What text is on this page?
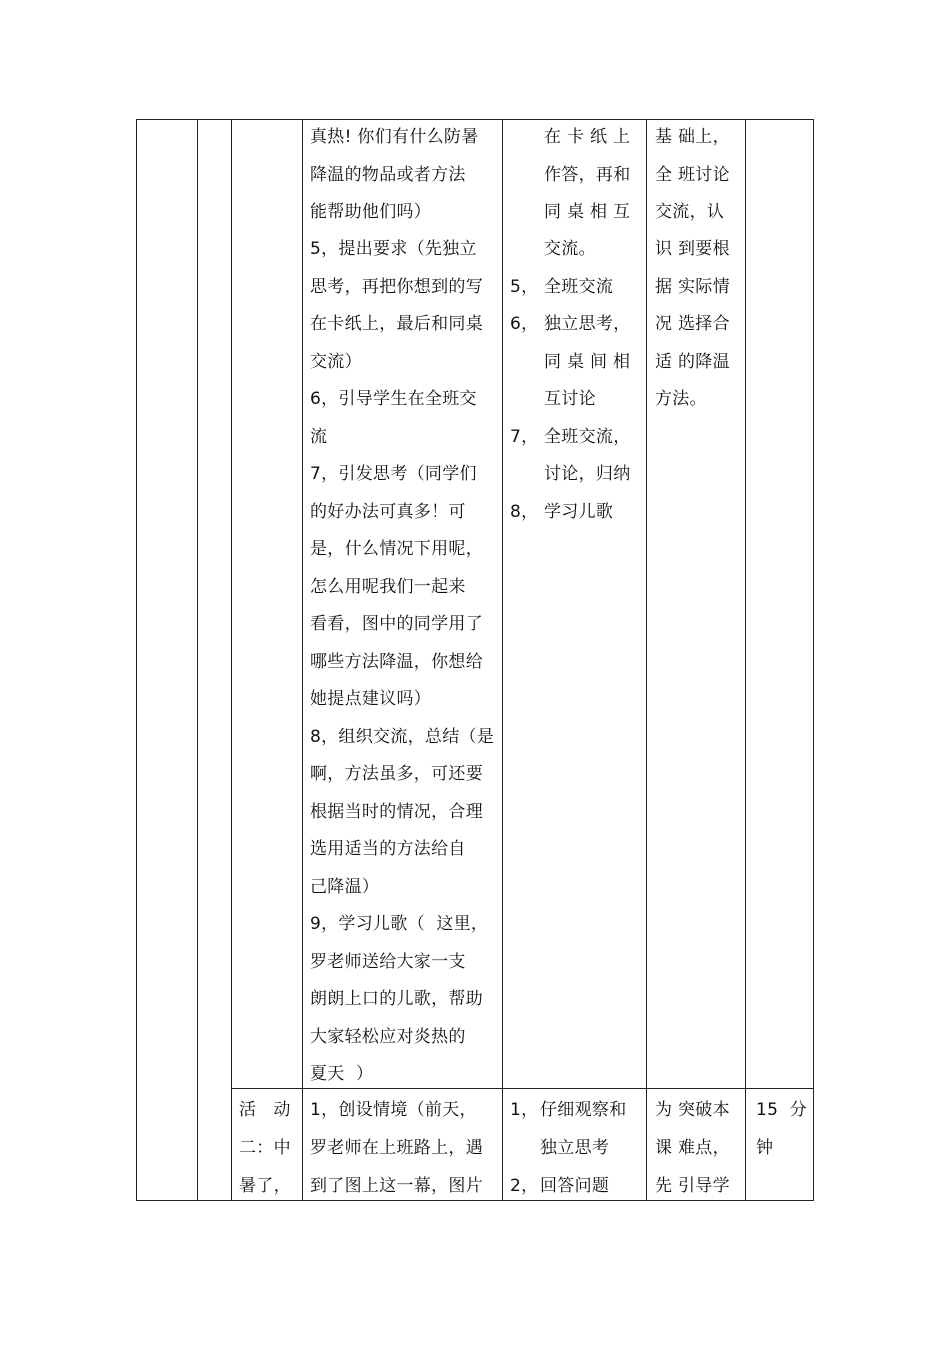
真热! 你们有什么防暑
降温的物品或者方法
能帮助他们吗）
5，提出要求（先独立
思考，再把你想到的写
在卡纸上，最后和同桌
交流）
6，引导学生在全班交
流
7，引发思考（同学们
的好办法可真多！可
是，什么情况下用呢，
怎么用呢我们一起来
看看，图中的同学用了
哪些方法降温，你想给
她提点建议吗）
8，组织交流，总结（是
啊，方法虽多，可还要
根据当时的情况，合理
选用适当的方法给自
己降温）
9，学习儿歌（  这里，
罗老师送给大家一支
朗朗上口的儿歌，帮助
大家轻松应对炎热的
夏天  ）
在 卡 纸 上
作答，再和
同 桌 相 互
交流。
5， 全班交流
6， 独立思考，
同 桌 间 相
互讨论
7， 全班交流，
讨论，归纳
8， 学习儿歌
基 础上，
全 班讨论
交流，认
识 到要根
据 实际情
况 选择合
适 的降温
方法。
活   动
二：中
暑了，
1，创设情境（前天，
罗老师在上班路上，遇
到了图上这一幕，图片
1， 仔细观察和
独立思考
2， 回答问题
为 突破本
课 难点，
先 引导学
15  分
钟
